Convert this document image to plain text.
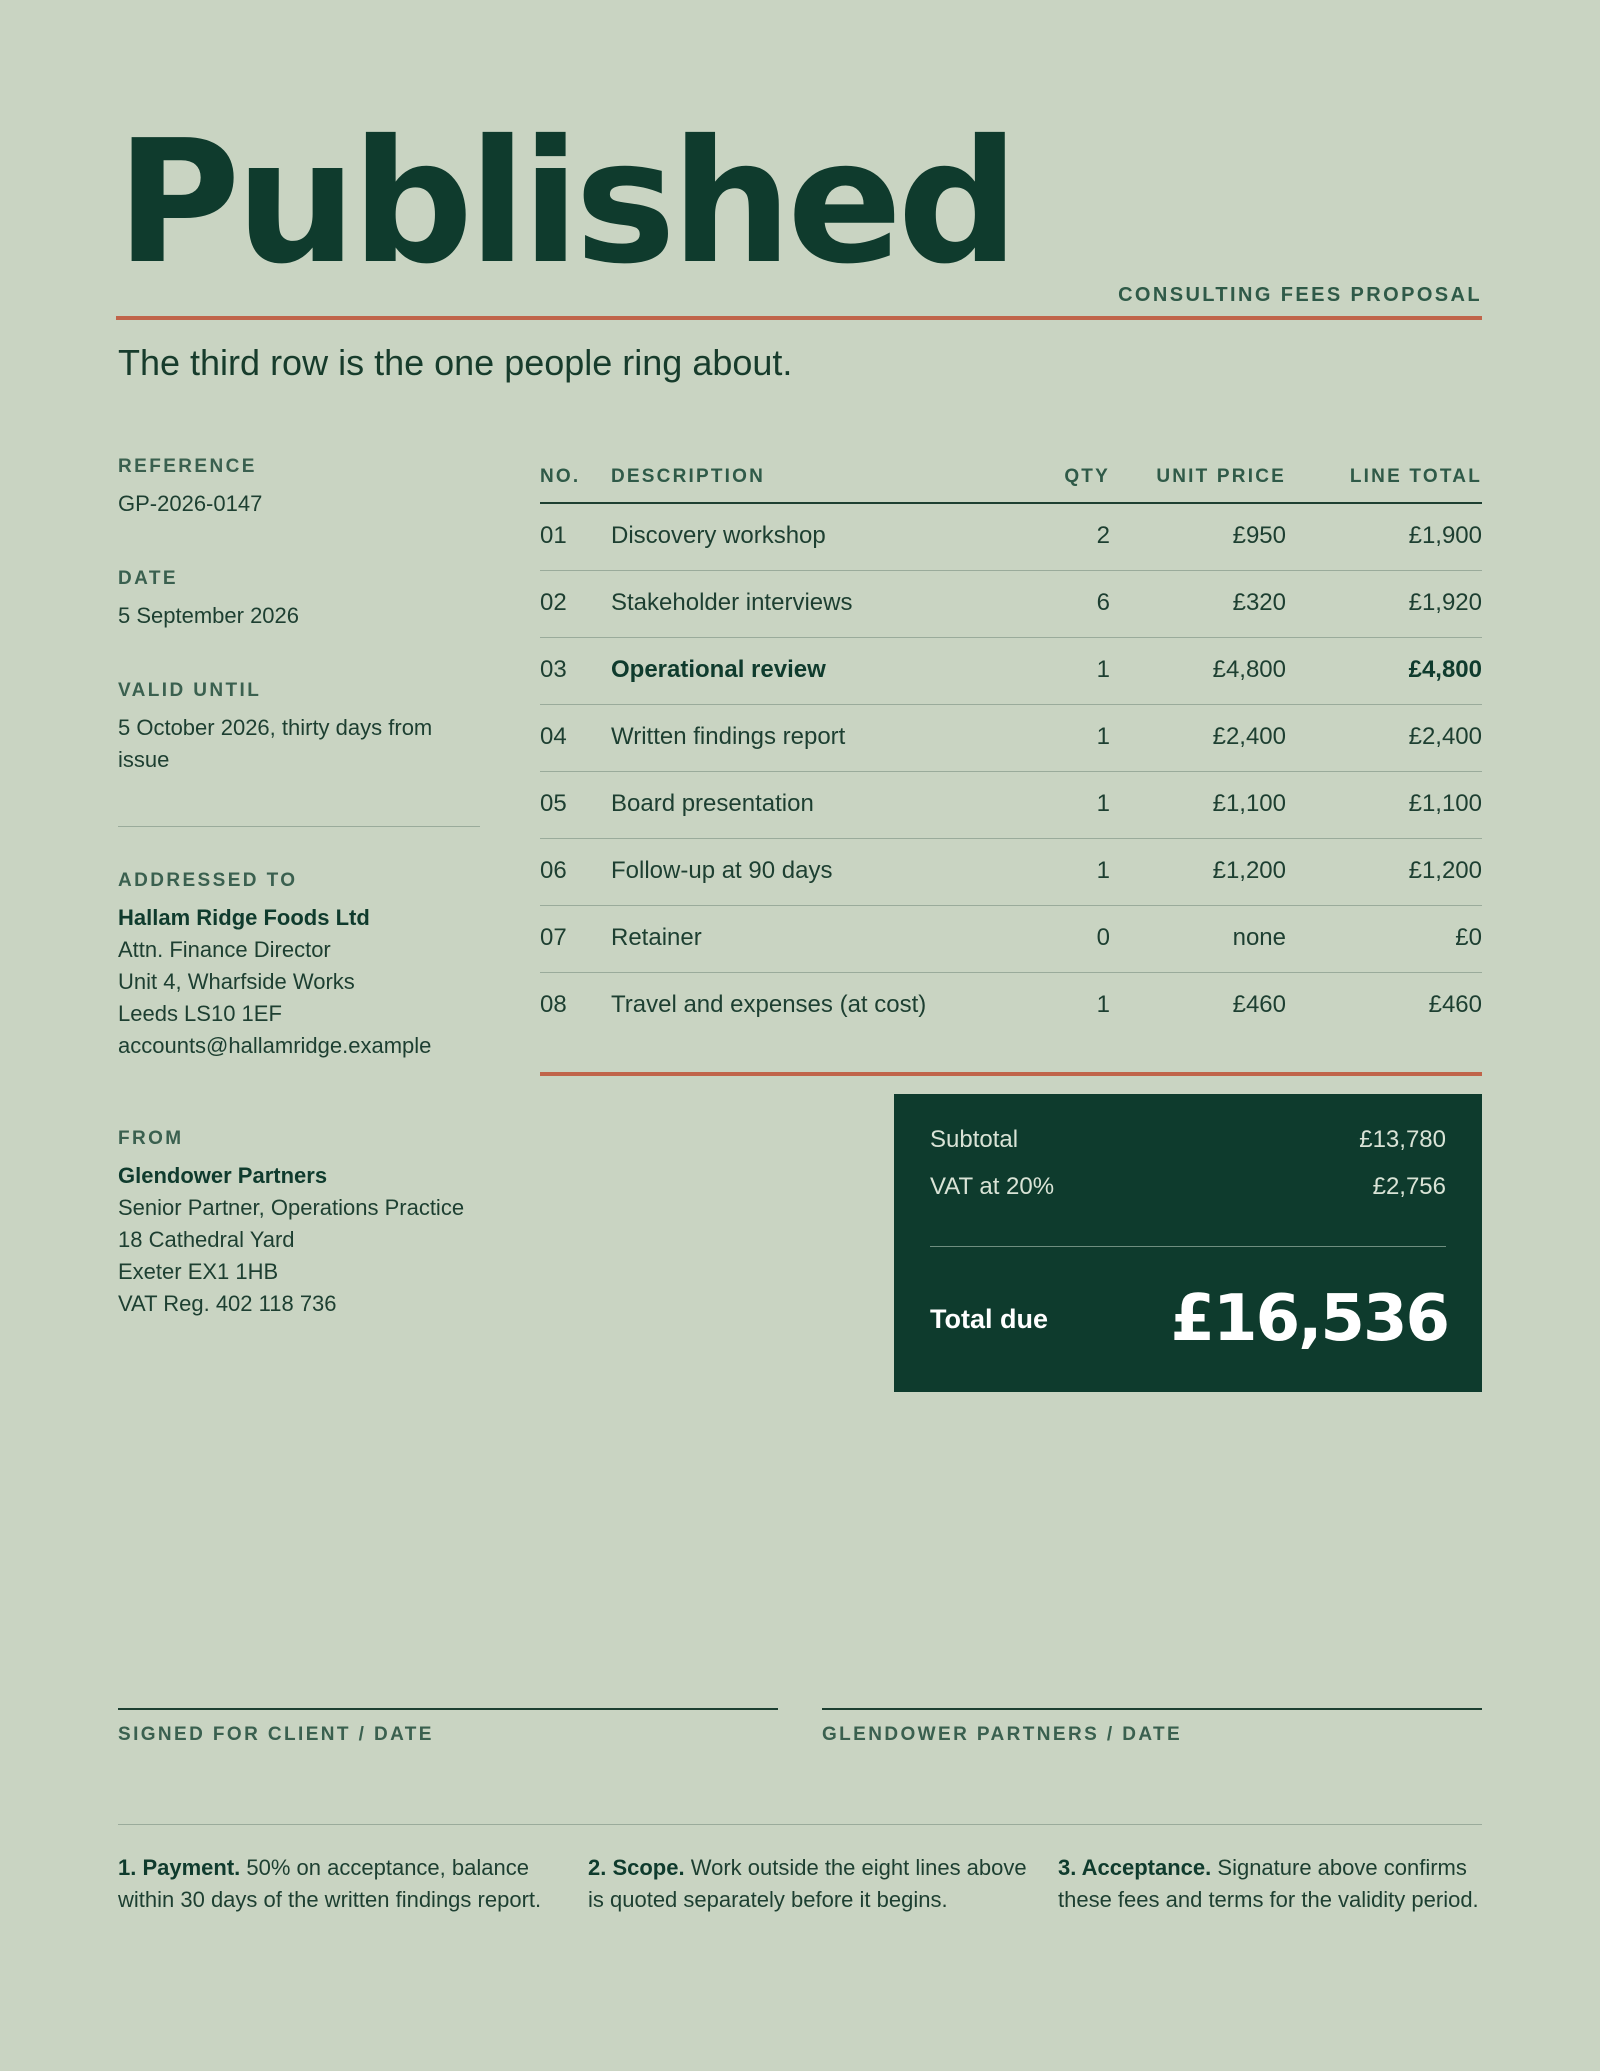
Published	CONSULTING FEES PROPOSAL
The third row is the one people ring about.
REFERENCE
GP-2026-0147
DATE
5 September 2026
VALID UNTIL
5 October 2026, thirty days from issue
ADDRESSED TO
Hallam Ridge Foods Ltd
Attn. Finance Director
Unit 4, Wharfside Works
Leeds LS10 1EF
accounts@hallamridge.example
FROM
Glendower Partners
Senior Partner, Operations Practice
18 Cathedral Yard
Exeter EX1 1HB
VAT Reg. 402 118 736
NO. DESCRIPTION	QTY UNIT PRICE	LINE TOTAL
01 Discovery workshop	2	£950	£1,900
02 Stakeholder interviews	6	£320	£1,920
03 Operational review	1	£4,800	£4,800
04 Written findings report	1	£2,400	£2,400
05 Board presentation	1	£1,100	£1,100
06 Follow-up at 90 days	1	£1,200	£1,200
07 Retainer	0	none	£0
08 Travel and expenses (at cost)	1	£460	£460
Subtotal	£13,780
VAT at 20%	£2,756
Total due £16,536
SIGNED FOR CLIENT / DATE	GLENDOWER PARTNERS / DATE
1. Payment. 50% on acceptance, balance within 30 days of the written findings report.
2. Scope. Work outside the eight lines above is quoted separately before it begins.
3. Acceptance. Signature above confirms these fees and terms for the validity period.
